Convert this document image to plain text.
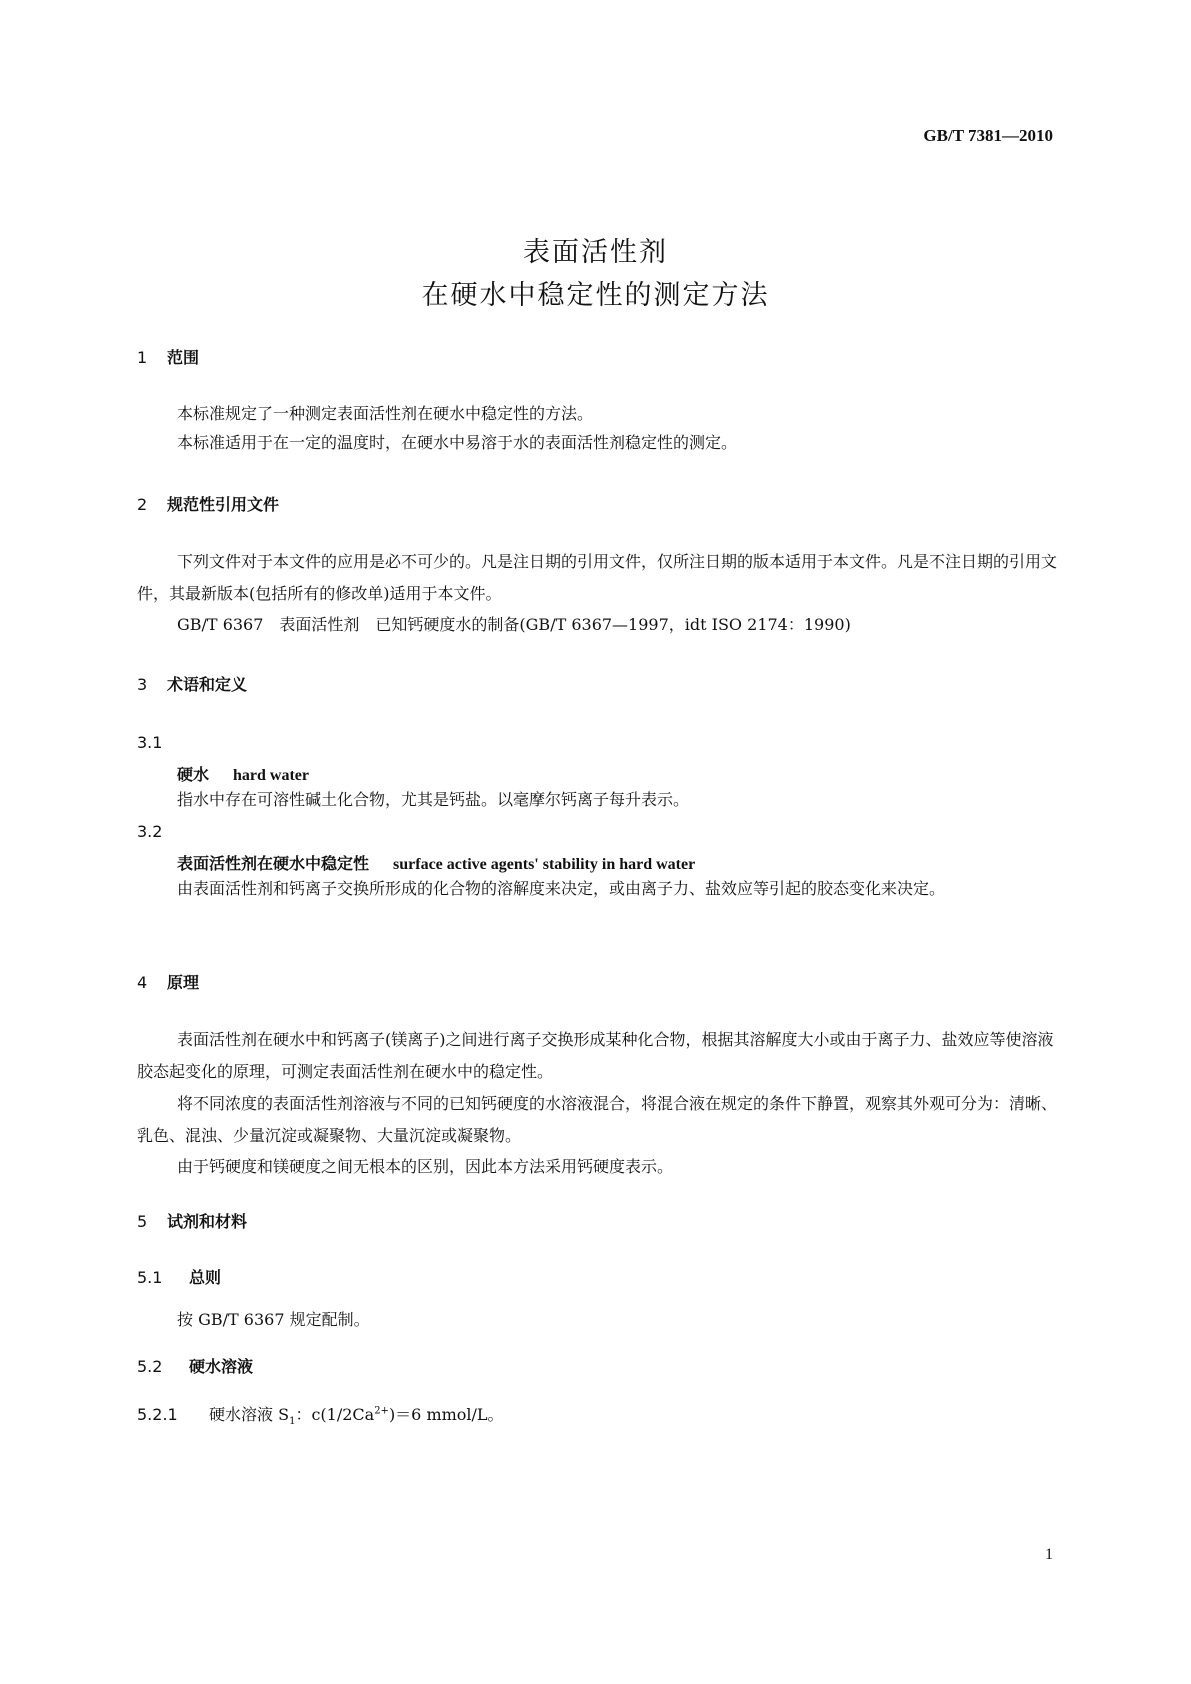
GB/T 7381—2010
表面活性剂
在硬水中稳定性的测定方法
1 范围
本标准规定了一种测定表面活性剂在硬水中稳定性的方法。
本标准适用于在一定的温度时，在硬水中易溶于水的表面活性剂稳定性的测定。
2 规范性引用文件
下列文件对于本文件的应用是必不可少的。凡是注日期的引用文件，仅所注日期的版本适用于本文件。凡是不注日期的引用文件，其最新版本(包括所有的修改单)适用于本文件。
GB/T 6367　表面活性剂　已知钙硬度水的制备(GB/T 6367—1997，idt ISO 2174：1990)
3 术语和定义
3.1
硬水 hard water
指水中存在可溶性碱土化合物，尤其是钙盐。以毫摩尔钙离子每升表示。
3.2
表面活性剂在硬水中稳定性 surface active agents' stability in hard water
由表面活性剂和钙离子交换所形成的化合物的溶解度来决定，或由离子力、盐效应等引起的胶态变化来决定。
4 原理
表面活性剂在硬水中和钙离子(镁离子)之间进行离子交换形成某种化合物，根据其溶解度大小或由于离子力、盐效应等使溶液胶态起变化的原理，可测定表面活性剂在硬水中的稳定性。
将不同浓度的表面活性剂溶液与不同的已知钙硬度的水溶液混合，将混合液在规定的条件下静置，观察其外观可分为：清晰、乳色、混浊、少量沉淀或凝聚物、大量沉淀或凝聚物。
由于钙硬度和镁硬度之间无根本的区别，因此本方法采用钙硬度表示。
5 试剂和材料
5.1 总则
按 GB/T 6367 规定配制。
5.2 硬水溶液
5.2.1 硬水溶液 $S_1$：$c(1/2Ca^{2+})=6$ mmol/L。
1
